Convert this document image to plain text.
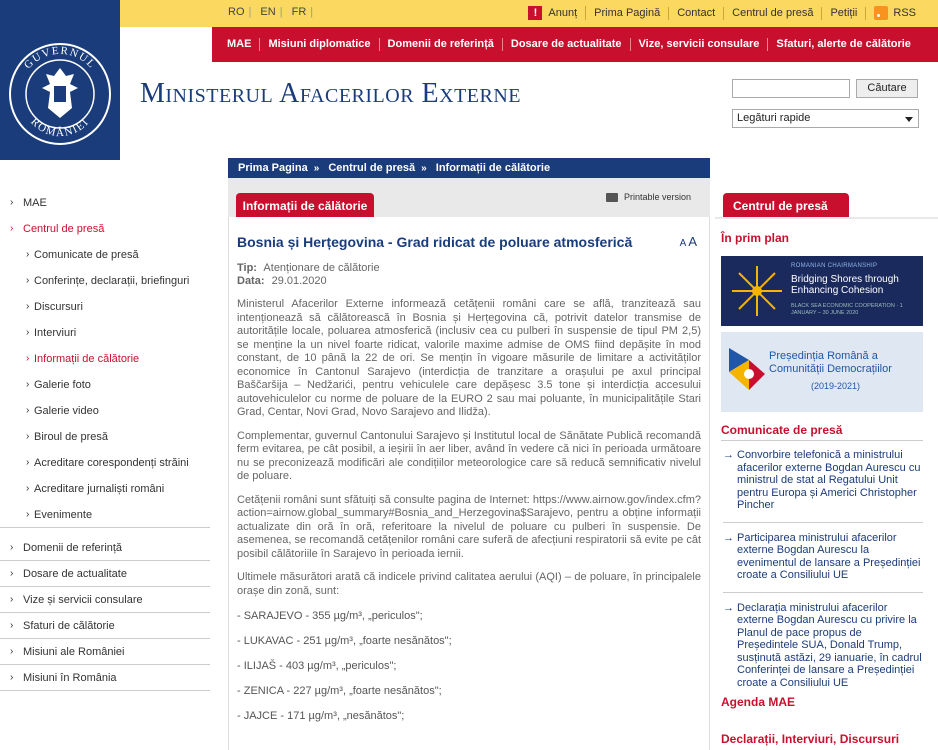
GUVERNUL
ROMÂNIEI
RO | EN | FR |	! Anunț	Prima Pagină	Contact	Centrul de presă	Petiții	RSS
MAE	Misiuni diplomatice	Domenii de referință	Dosare de actualitate	Vize, servicii consulare	Sfaturi, alerte de călătorie
Ministerul Afacerilor Externe	Căutare
Legături rapide
› MAE
› Centrul de presă
› Comunicate de presă
› Conferințe, declarații, briefinguri
› Discursuri
› Interviuri
› Informații de călătorie
› Galerie foto
› Galerie video
› Biroul de presă
› Acreditare corespondenți străini
› Acreditare jurnaliști români
› Evenimente
› Domenii de referință
› Dosare de actualitate
› Vize și servicii consulare
› Sfaturi de călătorie
› Misiuni ale României
› Misiuni în România
Prima Pagina » Centrul de presă » Informații de călătorie
Informații de călătorie
Printable version
A A
Bosnia și Herțegovina - Grad ridicat de poluare atmosferică
Tip: Atenționare de călătorie
Data: 29.01.2020

Ministerul Afacerilor Externe informează cetățenii români care se află, tranzitează sau intenționează să călătorească în Bosnia și Herțegovina că, potrivit datelor transmise de autoritățile locale, poluarea atmosferică (inclusiv cea cu pulberi în suspensie de tipul PM 2,5) se menține la un nivel foarte ridicat, valorile maxime admise de OMS fiind depășite în mod constant, de 10 până la 22 de ori. Se mențin în vigoare măsurile de limitare a activităților economice în Cantonul Sarajevo (interdicția de tranzitare a orașului pe axul principal Baščaršija – Nedžarići, pentru vehiculele care depășesc 3.5 tone și interdicția accesului autovehiculelor cu norme de poluare de la EURO 2 sau mai poluante, în municipalitățile Stari Grad, Centar, Novi Grad, Novo Sarajevo and Ilidža).

Complementar, guvernul Cantonului Sarajevo și Institutul local de Sănătate Publică recomandă ferm evitarea, pe cât posibil, a ieșirii în aer liber, având în vedere că nici în perioada următoare nu se preconizează modificări ale condițiilor meteorologice care să reducă semnificativ nivelul de poluare.

Cetățenii români sunt sfătuiți să consulte pagina de Internet: https://www.airnow.gov/index.cfm?action=airnow.global_summary#Bosnia_and_Herzegovina$Sarajevo, pentru a obține informații actualizate din oră în oră, referitoare la nivelul de poluare cu pulberi în suspensie. De asemenea, se recomandă cetățenilor români care suferă de afecțiuni respiratorii să evite pe cât posibil călătoriile în Sarajevo în perioada iernii.

Ultimele măsurători arată că indicele privind calitatea aerului (AQI) – de poluare, în principalele orașe din zonă, sunt:

- SARAJEVO - 355 µg/m³, „periculos";
- LUKAVAC - 251 µg/m³, „foarte nesănătos";
- ILIJAŠ - 403 µg/m³, „periculos";
- ZENICA - 227 µg/m³, „foarte nesănătos";
- JAJCE - 171 µg/m³, „nesănătos";
Centrul de presă
În prim plan
ROMANIAN CHAIRMANSHIP
Bridging Shores through
Enhancing Cohesion
BLACK SEA ECONOMIC COOPERATION · 1 JANUARY – 30 JUNE 2020
Președinția Română a
Comunității Democrațiilor
(2019-2021)
Comunicate de presă
→ Convorbire telefonică a ministrului afacerilor externe Bogdan Aurescu cu ministrul de stat al Regatului Unit pentru Europa și Americi Christopher Pincher
→ Participarea ministrului afacerilor externe Bogdan Aurescu la evenimentul de lansare a Președinției croate a Consiliului UE
→ Declarația ministrului afacerilor externe Bogdan Aurescu cu privire la Planul de pace propus de Președintele SUA, Donald Trump, susținută astăzi, 29 ianuarie, în cadrul Conferinței de lansare a Președinției croate a Consiliului UE
Agenda MAE
Declarații, Interviuri, Discursuri
